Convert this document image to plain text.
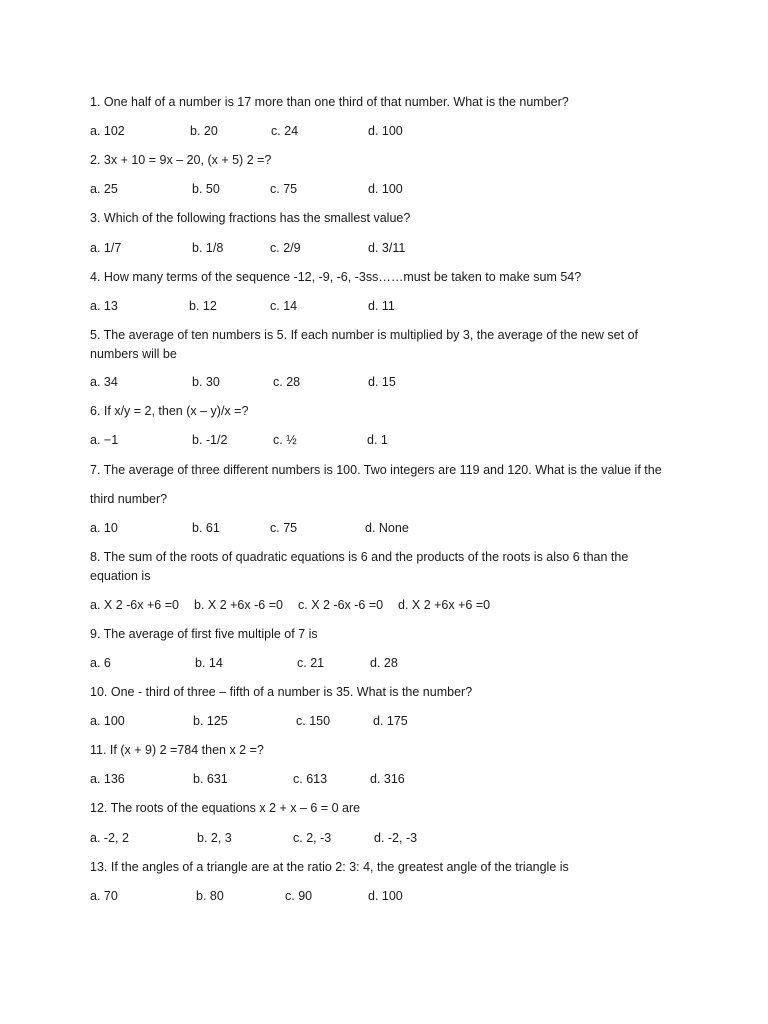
1. One half of a number is 17 more than one third of that number. What is the number?

a. 102	b. 20	c. 24	d. 100

2. 3x + 10 = 9x – 20, (x + 5) 2 =?

a. 25	b. 50	c. 75	d. 100

3. Which of the following fractions has the smallest value?

a. 1/7	b. 1/8	c. 2/9	d. 3/11

4. How many terms of the sequence -12, -9, -6, -3ss……must be taken to make sum 54?

a. 13	b. 12	c. 14	d. 11

5. The average of ten numbers is 5. If each number is multiplied by 3, the average of the new set of

numbers will be

a. 34	b. 30	c. 28	d. 15

6. If x/y = 2, then (x – y)/x =?

a. −1	b. -1/2	c. ½	d. 1

7. The average of three different numbers is 100. Two integers are 119 and 120. What is the value if the

third number?

a. 10	b. 61	c. 75	d. None

8. The sum of the roots of quadratic equations is 6 and the products of the roots is also 6 than the

equation is

a. X 2 -6x +6 =0 b. X 2 +6x -6 =0 c. X 2 -6x -6 =0 d. X 2 +6x +6 =0

9. The average of first five multiple of 7 is

a. 6	b. 14	c. 21	d. 28

10. One - third of three – fifth of a number is 35. What is the number?

a. 100	b. 125	c. 150	d. 175

11. If (x + 9) 2 =784 then x 2 =?

a. 136	b. 631	c. 613	d. 316

12. The roots of the equations x 2 + x – 6 = 0 are

a. -2, 2	b. 2, 3	c. 2, -3	d. -2, -3

13. If the angles of a triangle are at the ratio 2: 3: 4, the greatest angle of the triangle is

a. 70	b. 80	c. 90	d. 100
